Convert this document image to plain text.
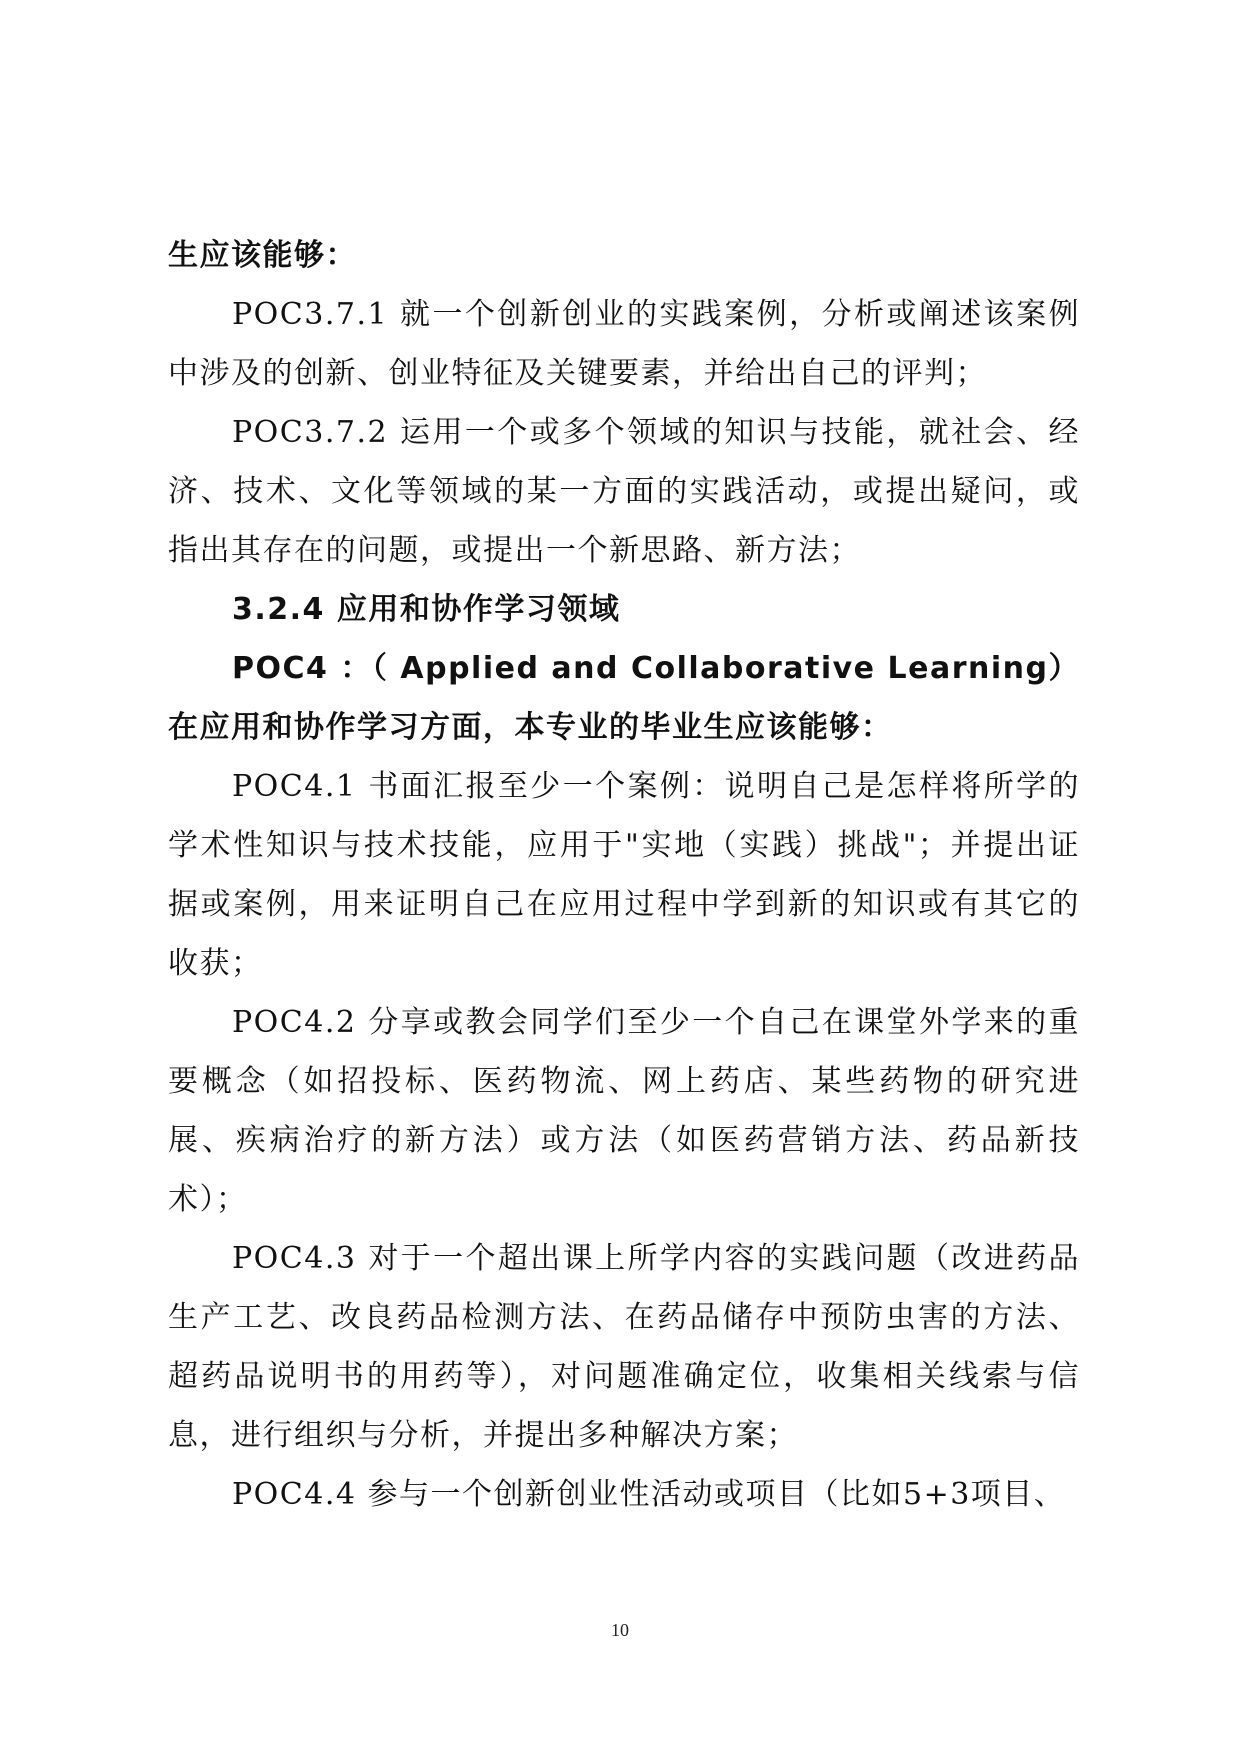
生应该能够：

POC3.7.1 就一个创新创业的实践案例，分析或阐述该案例中涉及的创新、创业特征及关键要素，并给出自己的评判；

POC3.7.2 运用一个或多个领域的知识与技能，就社会、经济、技术、文化等领域的某一方面的实践活动，或提出疑问，或指出其存在的问题，或提出一个新思路、新方法；

3.2.4 应用和协作学习领域

POC4 ：（ Applied and Collaborative Learning）在应用和协作学习方面，本专业的毕业生应该能够：

POC4.1 书面汇报至少一个案例：说明自己是怎样将所学的学术性知识与技术技能，应用于"实地（实践）挑战"；并提出证据或案例，用来证明自己在应用过程中学到新的知识或有其它的收获；

POC4.2 分享或教会同学们至少一个自己在课堂外学来的重要概念（如招投标、医药物流、网上药店、某些药物的研究进展、疾病治疗的新方法）或方法（如医药营销方法、药品新技术）；

POC4.3 对于一个超出课上所学内容的实践问题（改进药品生产工艺、改良药品检测方法、在药品储存中预防虫害的方法、超药品说明书的用药等），对问题准确定位，收集相关线索与信息，进行组织与分析，并提出多种解决方案；

POC4.4 参与一个创新创业性活动或项目（比如5+3项目、

10
